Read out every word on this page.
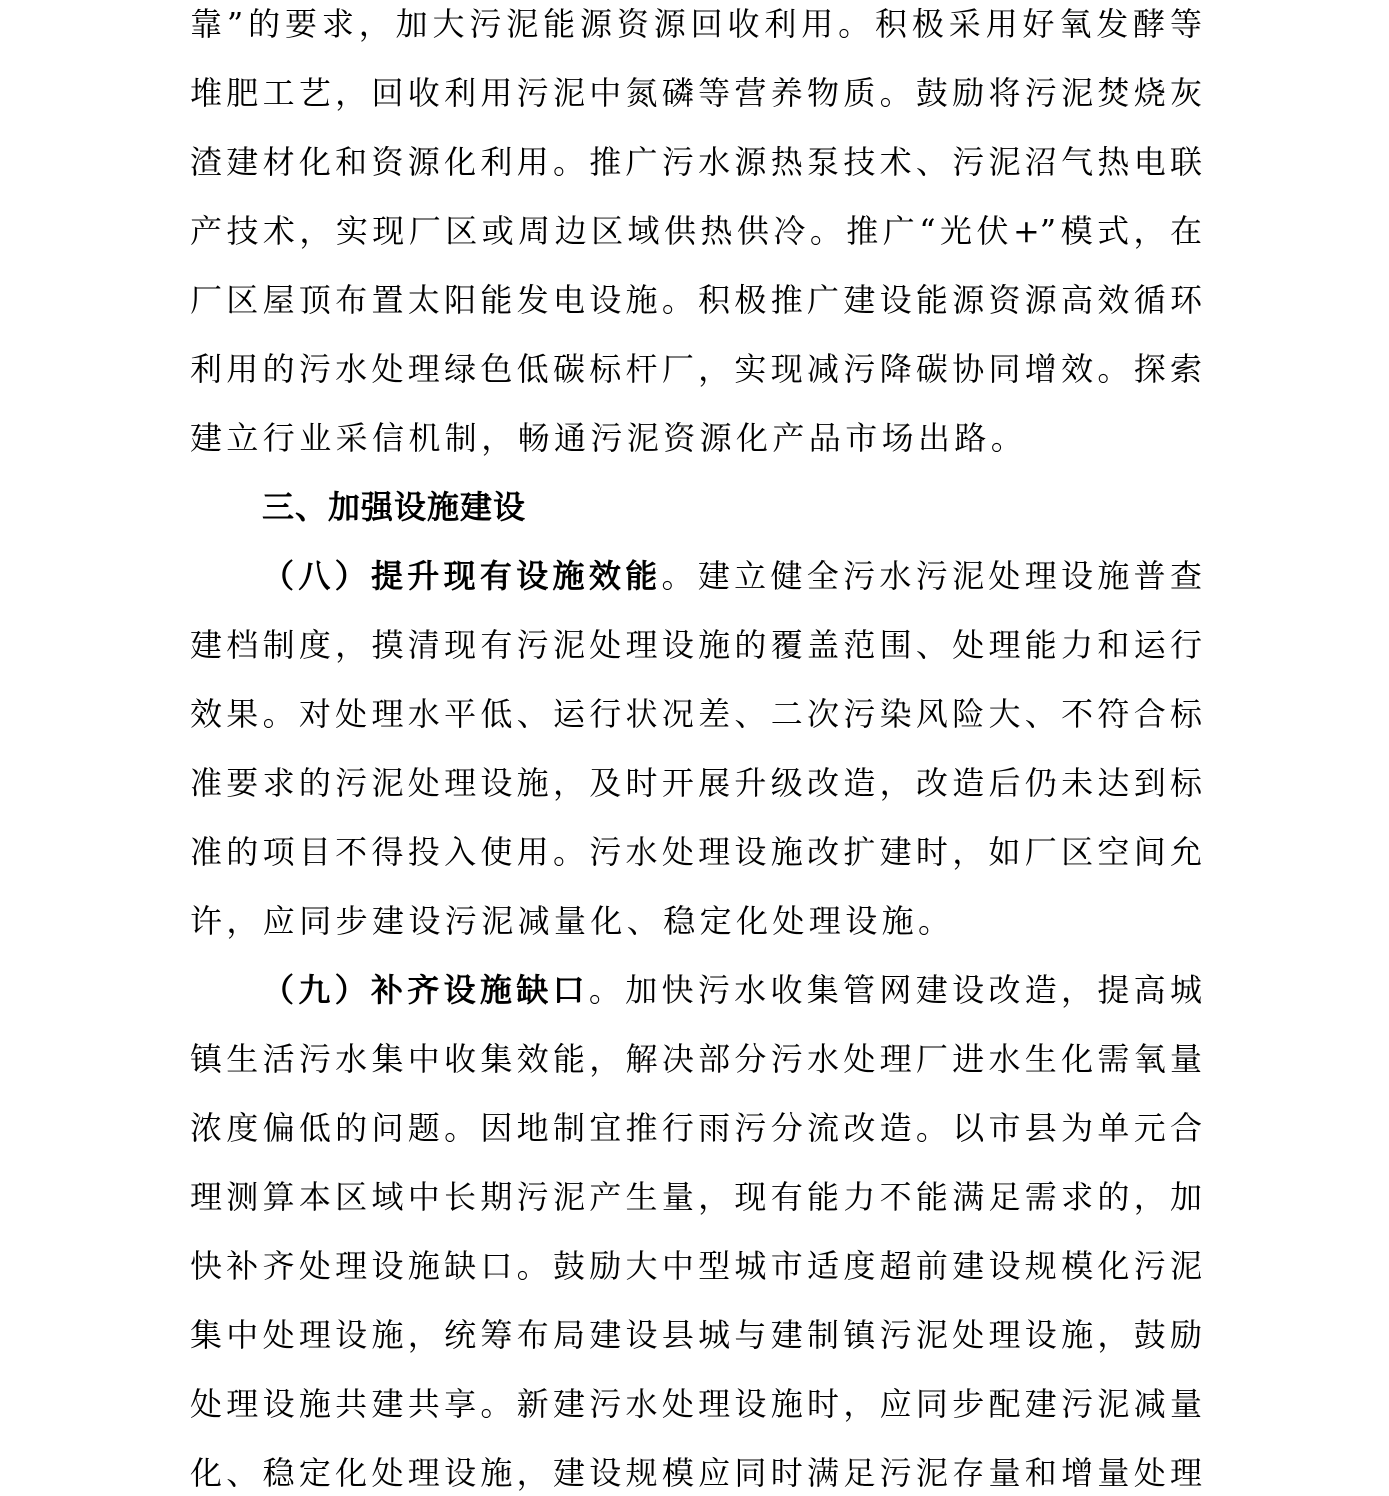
靠”的要求，加大污泥能源资源回收利用。积极采用好氧发酵等
堆肥工艺，回收利用污泥中氮磷等营养物质。鼓励将污泥焚烧灰
渣建材化和资源化利用。推广污水源热泵技术、污泥沼气热电联
产技术，实现厂区或周边区域供热供冷。推广“光伏+”模式，在
厂区屋顶布置太阳能发电设施。积极推广建设能源资源高效循环
利用的污水处理绿色低碳标杆厂，实现减污降碳协同增效。探索
建立行业采信机制，畅通污泥资源化产品市场出路。
三、加强设施建设
（八）提升现有设施效能。建立健全污水污泥处理设施普查
建档制度，摸清现有污泥处理设施的覆盖范围、处理能力和运行
效果。对处理水平低、运行状况差、二次污染风险大、不符合标
准要求的污泥处理设施，及时开展升级改造，改造后仍未达到标
准的项目不得投入使用。污水处理设施改扩建时，如厂区空间允
许，应同步建设污泥减量化、稳定化处理设施。
（九）补齐设施缺口。加快污水收集管网建设改造，提高城
镇生活污水集中收集效能，解决部分污水处理厂进水生化需氧量
浓度偏低的问题。因地制宜推行雨污分流改造。以市县为单元合
理测算本区域中长期污泥产生量，现有能力不能满足需求的，加
快补齐处理设施缺口。鼓励大中型城市适度超前建设规模化污泥
集中处理设施，统筹布局建设县城与建制镇污泥处理设施，鼓励
处理设施共建共享。新建污水处理设施时，应同步配建污泥减量
化、稳定化处理设施，建设规模应同时满足污泥存量和增量处理
